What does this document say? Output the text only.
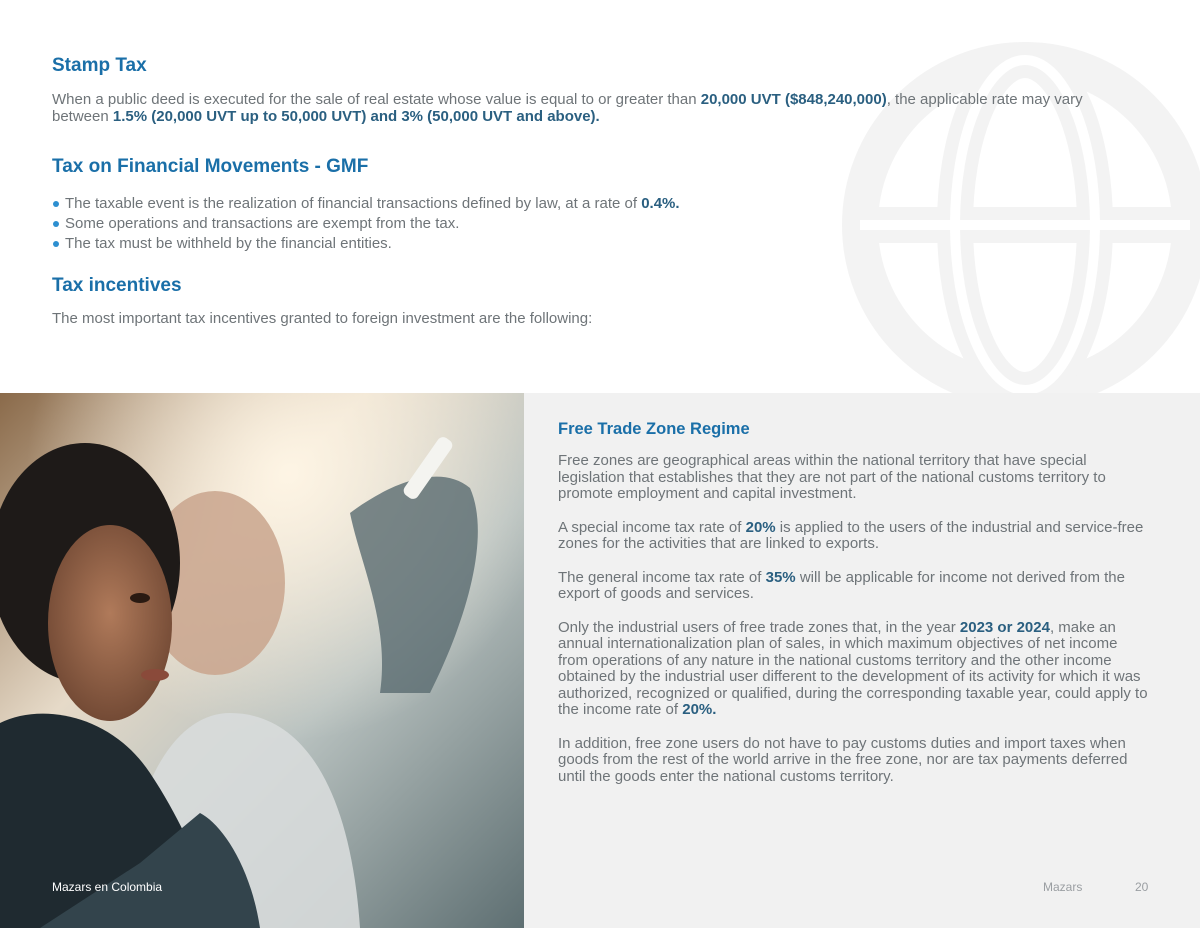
Stamp Tax

When a public deed is executed for the sale of real estate whose value is equal to or greater than 20,000 UVT ($848,240,000), the applicable rate may vary between 1.5% (20,000 UVT up to 50,000 UVT) and 3% (50,000 UVT and above).

Tax on Financial Movements - GMF
The taxable event is the realization of financial transactions defined by law, at a rate of 0.4%.
Some operations and transactions are exempt from the tax.
The tax must be withheld by the financial entities.
Tax incentives

The most important tax incentives granted to foreign investment are the following:

Free Trade Zone Regime

Free zones are geographical areas within the national territory that have special legislation that establishes that they are not part of the national customs territory to promote employment and capital investment.

A special income tax rate of 20% is applied to the users of the industrial and service-free zones for the activities that are linked to exports.

The general income tax rate of 35% will be applicable for income not derived from the export of goods and services.

Only the industrial users of free trade zones that, in the year 2023 or 2024, make an annual internationalization plan of sales, in which maximum objectives of net income from operations of any nature in the national customs territory and the other income obtained by the industrial user different to the development of its activity for which it was authorized, recognized or qualified, during the corresponding taxable year, could apply to the income rate of 20%.

In addition, free zone users do not have to pay customs duties and import taxes when goods from the rest of the world arrive in the free zone, nor are tax payments deferred until the goods enter the national customs territory.

Mazars en Colombia	Mazars	20
